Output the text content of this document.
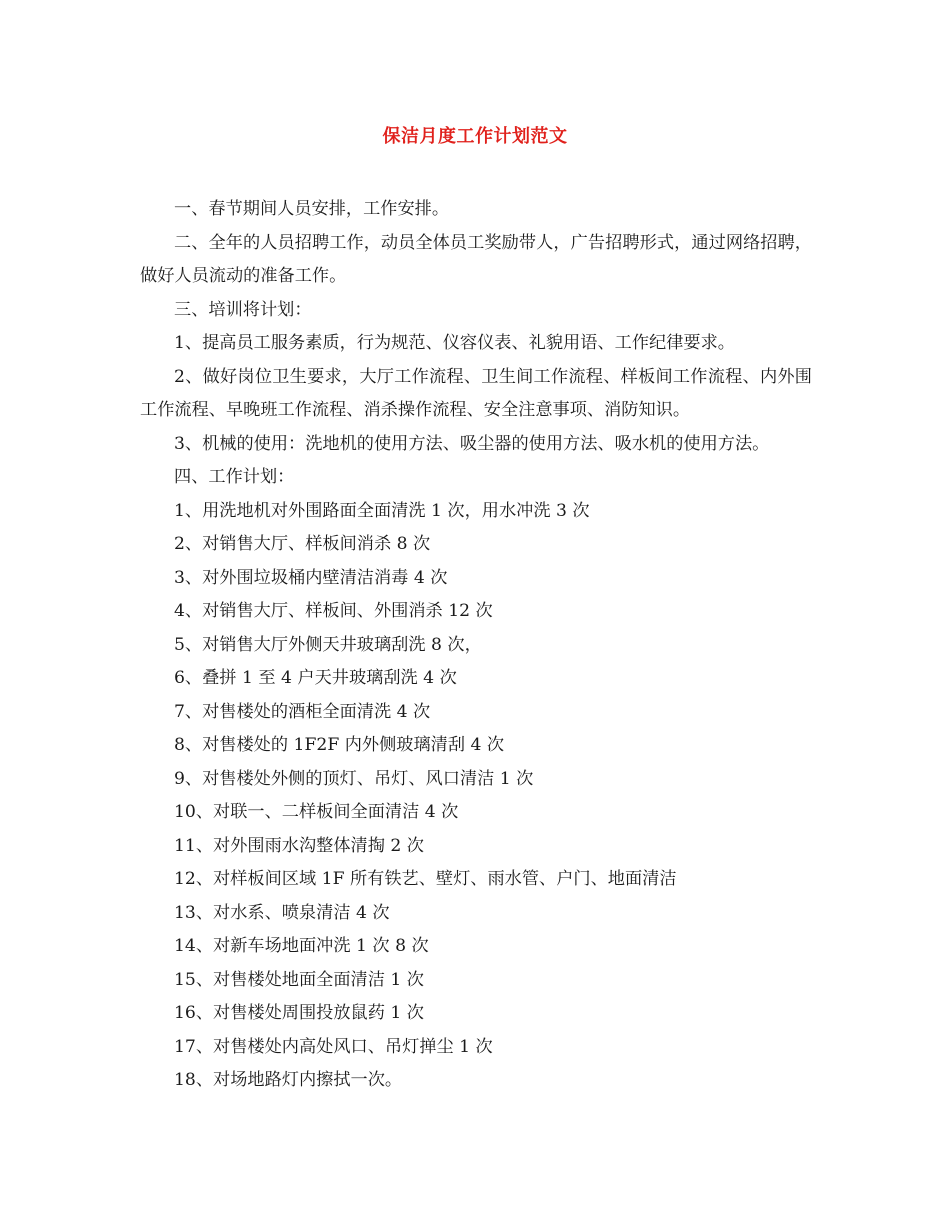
保洁月度工作计划范文

一、春节期间人员安排，工作安排。

二、全年的人员招聘工作，动员全体员工奖励带人，广告招聘形式，通过网络招聘，做好人员流动的准备工作。

三、培训将计划：

1、提高员工服务素质，行为规范、仪容仪表、礼貌用语、工作纪律要求。

2、做好岗位卫生要求，大厅工作流程、卫生间工作流程、样板间工作流程、内外围工作流程、早晚班工作流程、消杀操作流程、安全注意事项、消防知识。

3、机械的使用：洗地机的使用方法、吸尘器的使用方法、吸水机的使用方法。

四、工作计划：

1、用洗地机对外围路面全面清洗 1 次，用水冲洗 3 次

2、对销售大厅、样板间消杀 8 次

3、对外围垃圾桶内壁清洁消毒 4 次

4、对销售大厅、样板间、外围消杀 12 次

5、对销售大厅外侧天井玻璃刮洗 8 次，

6、叠拼 1 至 4 户天井玻璃刮洗 4 次

7、对售楼处的酒柜全面清洗 4 次

8、对售楼处的 1F2F 内外侧玻璃清刮 4 次

9、对售楼处外侧的顶灯、吊灯、风口清洁 1 次

10、对联一、二样板间全面清洁 4 次

11、对外围雨水沟整体清掏 2 次

12、对样板间区域 1F 所有铁艺、壁灯、雨水管、户门、地面清洁

13、对水系、喷泉清洁 4 次

14、对新车场地面冲洗 1 次 8 次

15、对售楼处地面全面清洁 1 次

16、对售楼处周围投放鼠药 1 次

17、对售楼处内高处风口、吊灯掸尘 1 次

18、对场地路灯内擦拭一次。
